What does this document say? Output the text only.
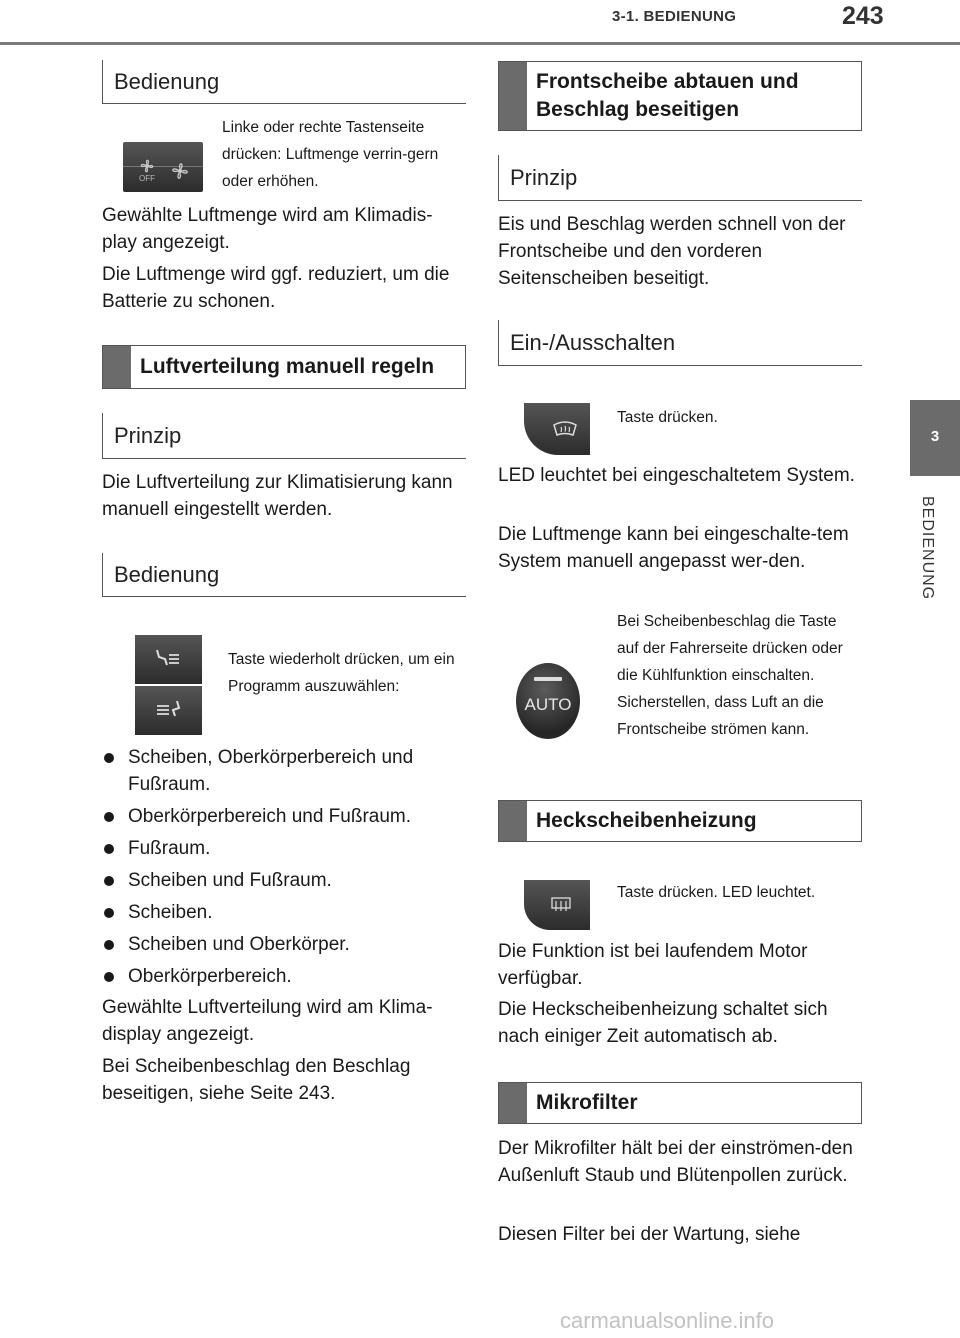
3-1. BEDIENUNG	243
3
BEDIENUNG
Bedienung
OFF
Linke oder rechte Tastenseite drücken: Luftmenge verrin-gern oder erhöhen.
Gewählte Luftmenge wird am Klimadis-play angezeigt.
Die Luftmenge wird ggf. reduziert, um die Batterie zu schonen.
Luftverteilung manuell regeln
Prinzip
Die Luftverteilung zur Klimatisierung kann manuell eingestellt werden.
Bedienung
Taste wiederholt drücken, um ein Programm auszuwählen:
Scheiben, Oberkörperbereich und Fußraum.
Oberkörperbereich und Fußraum.
Fußraum.
Scheiben und Fußraum.
Scheiben.
Scheiben und Oberkörper.
Oberkörperbereich.
Gewählte Luftverteilung wird am Klima-display angezeigt.
Bei Scheibenbeschlag den Beschlag beseitigen, siehe Seite 243.
Frontscheibe abtauen und Beschlag beseitigen
Prinzip
Eis und Beschlag werden schnell von der Frontscheibe und den vorderen Seitenscheiben beseitigt.
Ein-/Ausschalten
Taste drücken.
LED leuchtet bei eingeschaltetem System.
Die Luftmenge kann bei eingeschalte-tem System manuell angepasst wer-den.
AUTO
Bei Scheibenbeschlag die Taste auf der Fahrerseite drücken oder die Kühlfunktion einschalten. Sicherstellen, dass Luft an die Frontscheibe strömen kann.
Heckscheibenheizung
Taste drücken. LED leuchtet.
Die Funktion ist bei laufendem Motor verfügbar.
Die Heckscheibenheizung schaltet sich nach einiger Zeit automatisch ab.
Mikrofilter
Der Mikrofilter hält bei der einströmen-den Außenluft Staub und Blütenpollen zurück.
Diesen Filter bei der Wartung, siehe
carmanualsonline.info
